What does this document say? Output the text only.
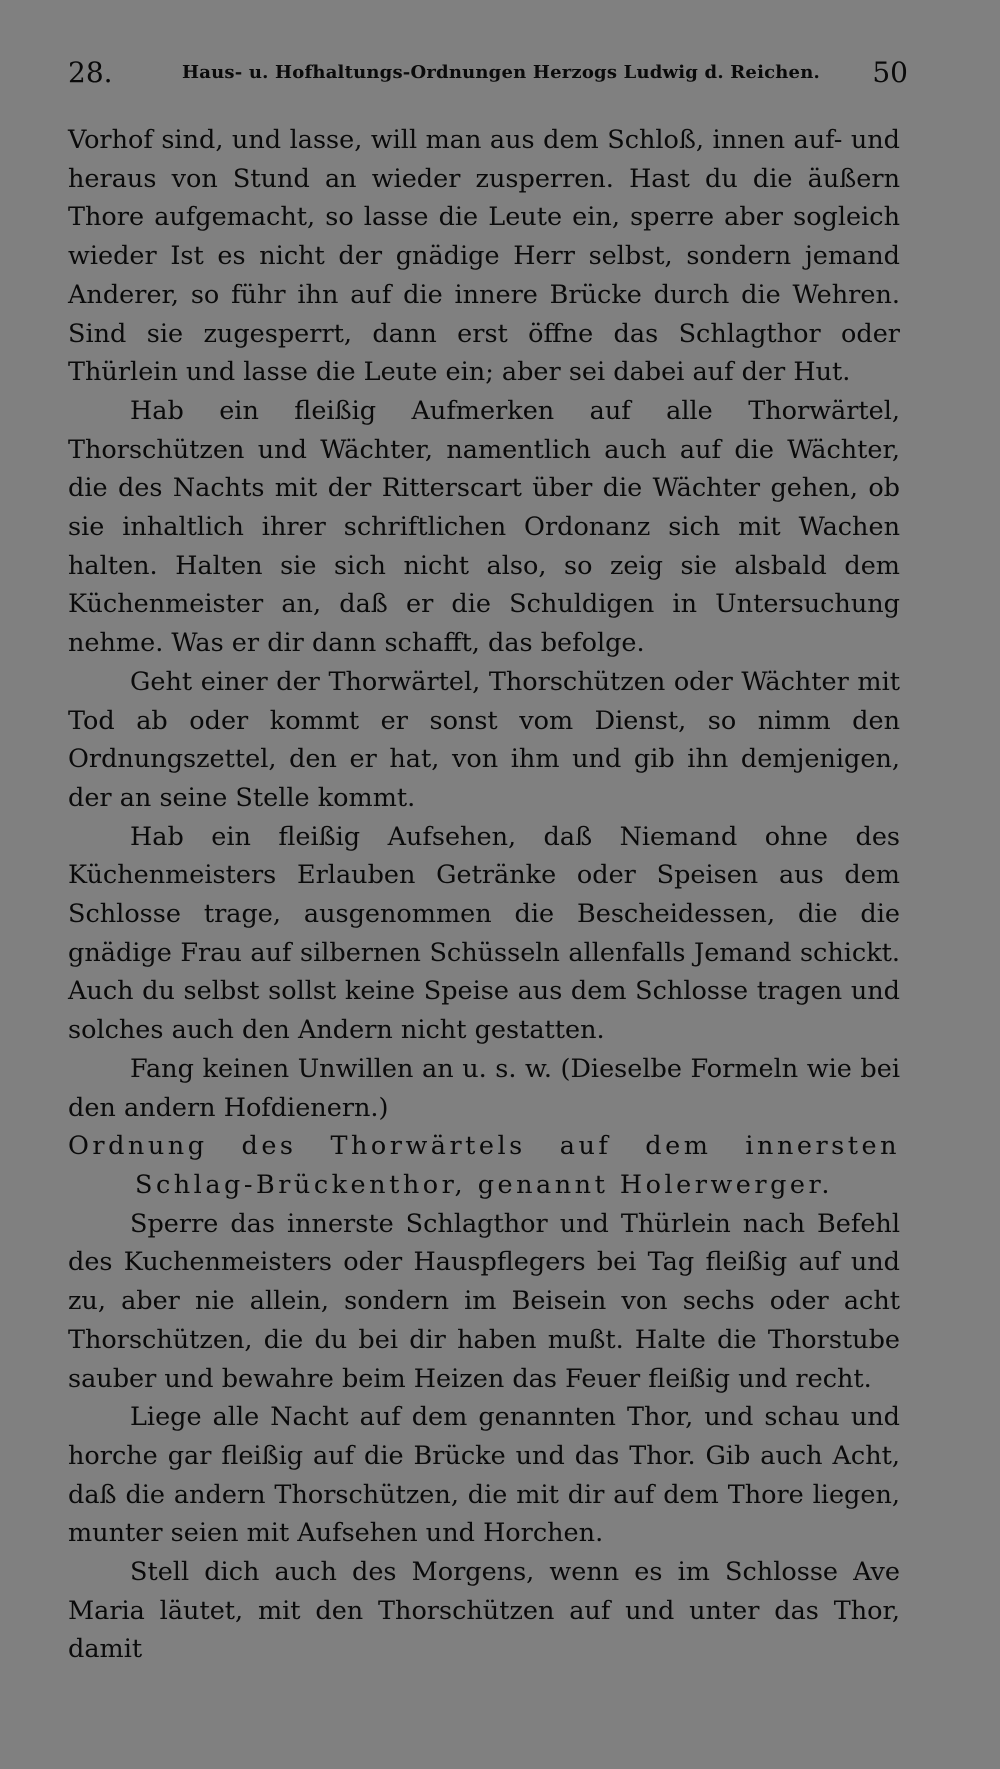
28.	Haus- u. Hofhaltungs-Ordnungen Herzogs Ludwig d. Reichen. 50

Vorhof sind, und lasse, will man aus dem Schloß, innen auf- und heraus von Stund an wieder zusperren. Hast du die äußern Thore aufgemacht, so lasse die Leute ein, sperre aber sogleich wieder Ist es nicht der gnädige Herr selbst, sondern jemand Anderer, so führ ihn auf die innere Brücke durch die Wehren. Sind sie zugesperrt, dann erst öffne das Schlagthor oder Thürlein und lasse die Leute ein; aber sei dabei auf der Hut.

Hab ein fleißig Aufmerken auf alle Thorwärtel, Thorschützen und Wächter, namentlich auch auf die Wächter, die des Nachts mit der Ritterscart über die Wächter gehen, ob sie inhaltlich ihrer schriftlichen Ordonanz sich mit Wachen halten. Halten sie sich nicht also, so zeig sie alsbald dem Küchenmeister an, daß er die Schuldigen in Untersuchung nehme. Was er dir dann schafft, das befolge.

Geht einer der Thorwärtel, Thorschützen oder Wächter mit Tod ab oder kommt er sonst vom Dienst, so nimm den Ordnungszettel, den er hat, von ihm und gib ihn demjenigen, der an seine Stelle kommt.

Hab ein fleißig Aufsehen, daß Niemand ohne des Küchenmeisters Erlauben Getränke oder Speisen aus dem Schlosse trage, ausgenommen die Bescheidessen, die die gnädige Frau auf silbernen Schüsseln allenfalls Jemand schickt. Auch du selbst sollst keine Speise aus dem Schlosse tragen und solches auch den Andern nicht gestatten.

Fang keinen Unwillen an u. s. w. (Dieselbe Formeln wie bei den andern Hofdienern.)

Ordnung des Thorwärtels auf dem innersten Schlag-Brückenthor, genannt Holerwerger.

Sperre das innerste Schlagthor und Thürlein nach Befehl des Kuchenmeisters oder Hauspflegers bei Tag fleißig auf und zu, aber nie allein, sondern im Beisein von sechs oder acht Thorschützen, die du bei dir haben mußt. Halte die Thorstube sauber und bewahre beim Heizen das Feuer fleißig und recht.

Liege alle Nacht auf dem genannten Thor, und schau und horche gar fleißig auf die Brücke und das Thor. Gib auch Acht, daß die andern Thorschützen, die mit dir auf dem Thore liegen, munter seien mit Aufsehen und Horchen.

Stell dich auch des Morgens, wenn es im Schlosse Ave Maria läutet, mit den Thorschützen auf und unter das Thor, damit
